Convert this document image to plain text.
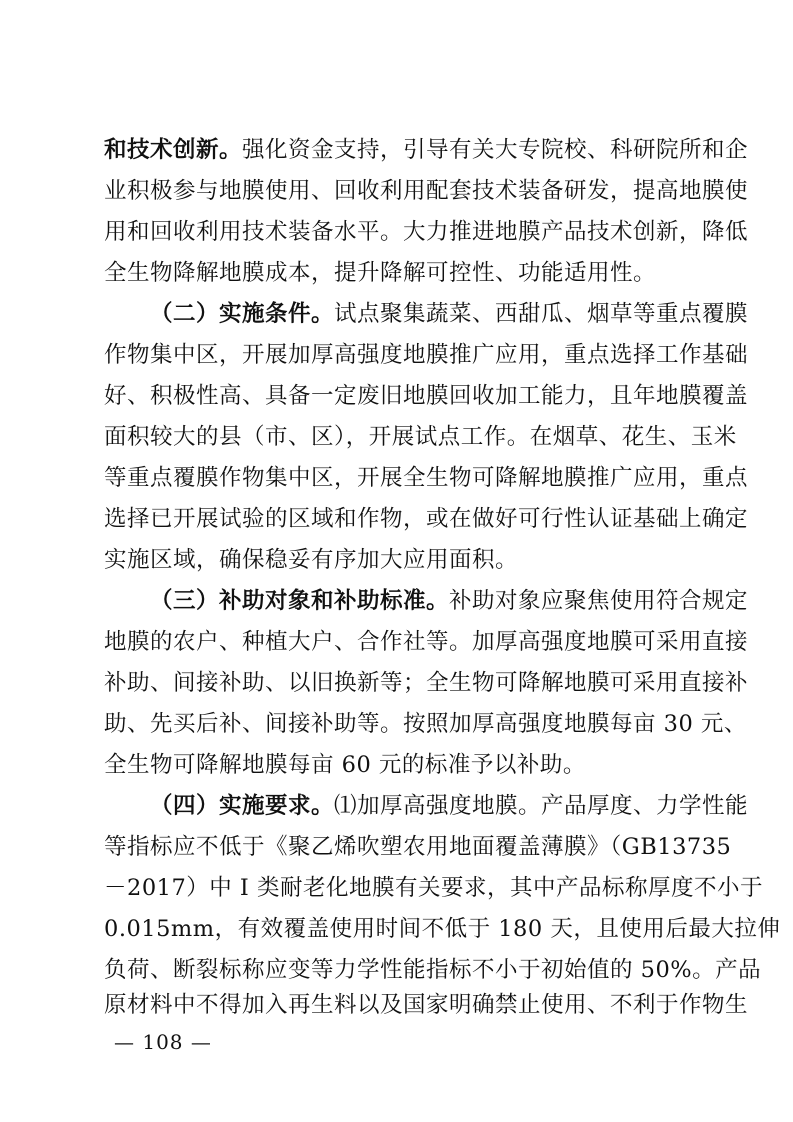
和技术创新。强化资金支持，引导有关大专院校、科研院所和企
业积极参与地膜使用、回收利用配套技术装备研发，提高地膜使
用和回收利用技术装备水平。大力推进地膜产品技术创新，降低
全生物降解地膜成本，提升降解可控性、功能适用性。
（二）实施条件。试点聚集蔬菜、西甜瓜、烟草等重点覆膜
作物集中区，开展加厚高强度地膜推广应用，重点选择工作基础
好、积极性高、具备一定废旧地膜回收加工能力，且年地膜覆盖
面积较大的县（市、区），开展试点工作。在烟草、花生、玉米
等重点覆膜作物集中区，开展全生物可降解地膜推广应用，重点
选择已开展试验的区域和作物，或在做好可行性认证基础上确定
实施区域，确保稳妥有序加大应用面积。
（三）补助对象和补助标准。补助对象应聚焦使用符合规定
地膜的农户、种植大户、合作社等。加厚高强度地膜可采用直接
补助、间接补助、以旧换新等；全生物可降解地膜可采用直接补
助、先买后补、间接补助等。按照加厚高强度地膜每亩 30 元、
全生物可降解地膜每亩 60 元的标准予以补助。
（四）实施要求。⑴加厚高强度地膜。产品厚度、力学性能
等指标应不低于《聚乙烯吹塑农用地面覆盖薄膜》（GB13735
－2017）中 I 类耐老化地膜有关要求，其中产品标称厚度不小于
0.015mm，有效覆盖使用时间不低于 180 天，且使用后最大拉伸
负荷、断裂标称应变等力学性能指标不小于初始值的 50%。产品
原材料中不得加入再生料以及国家明确禁止使用、不利于作物生
— 108 —
